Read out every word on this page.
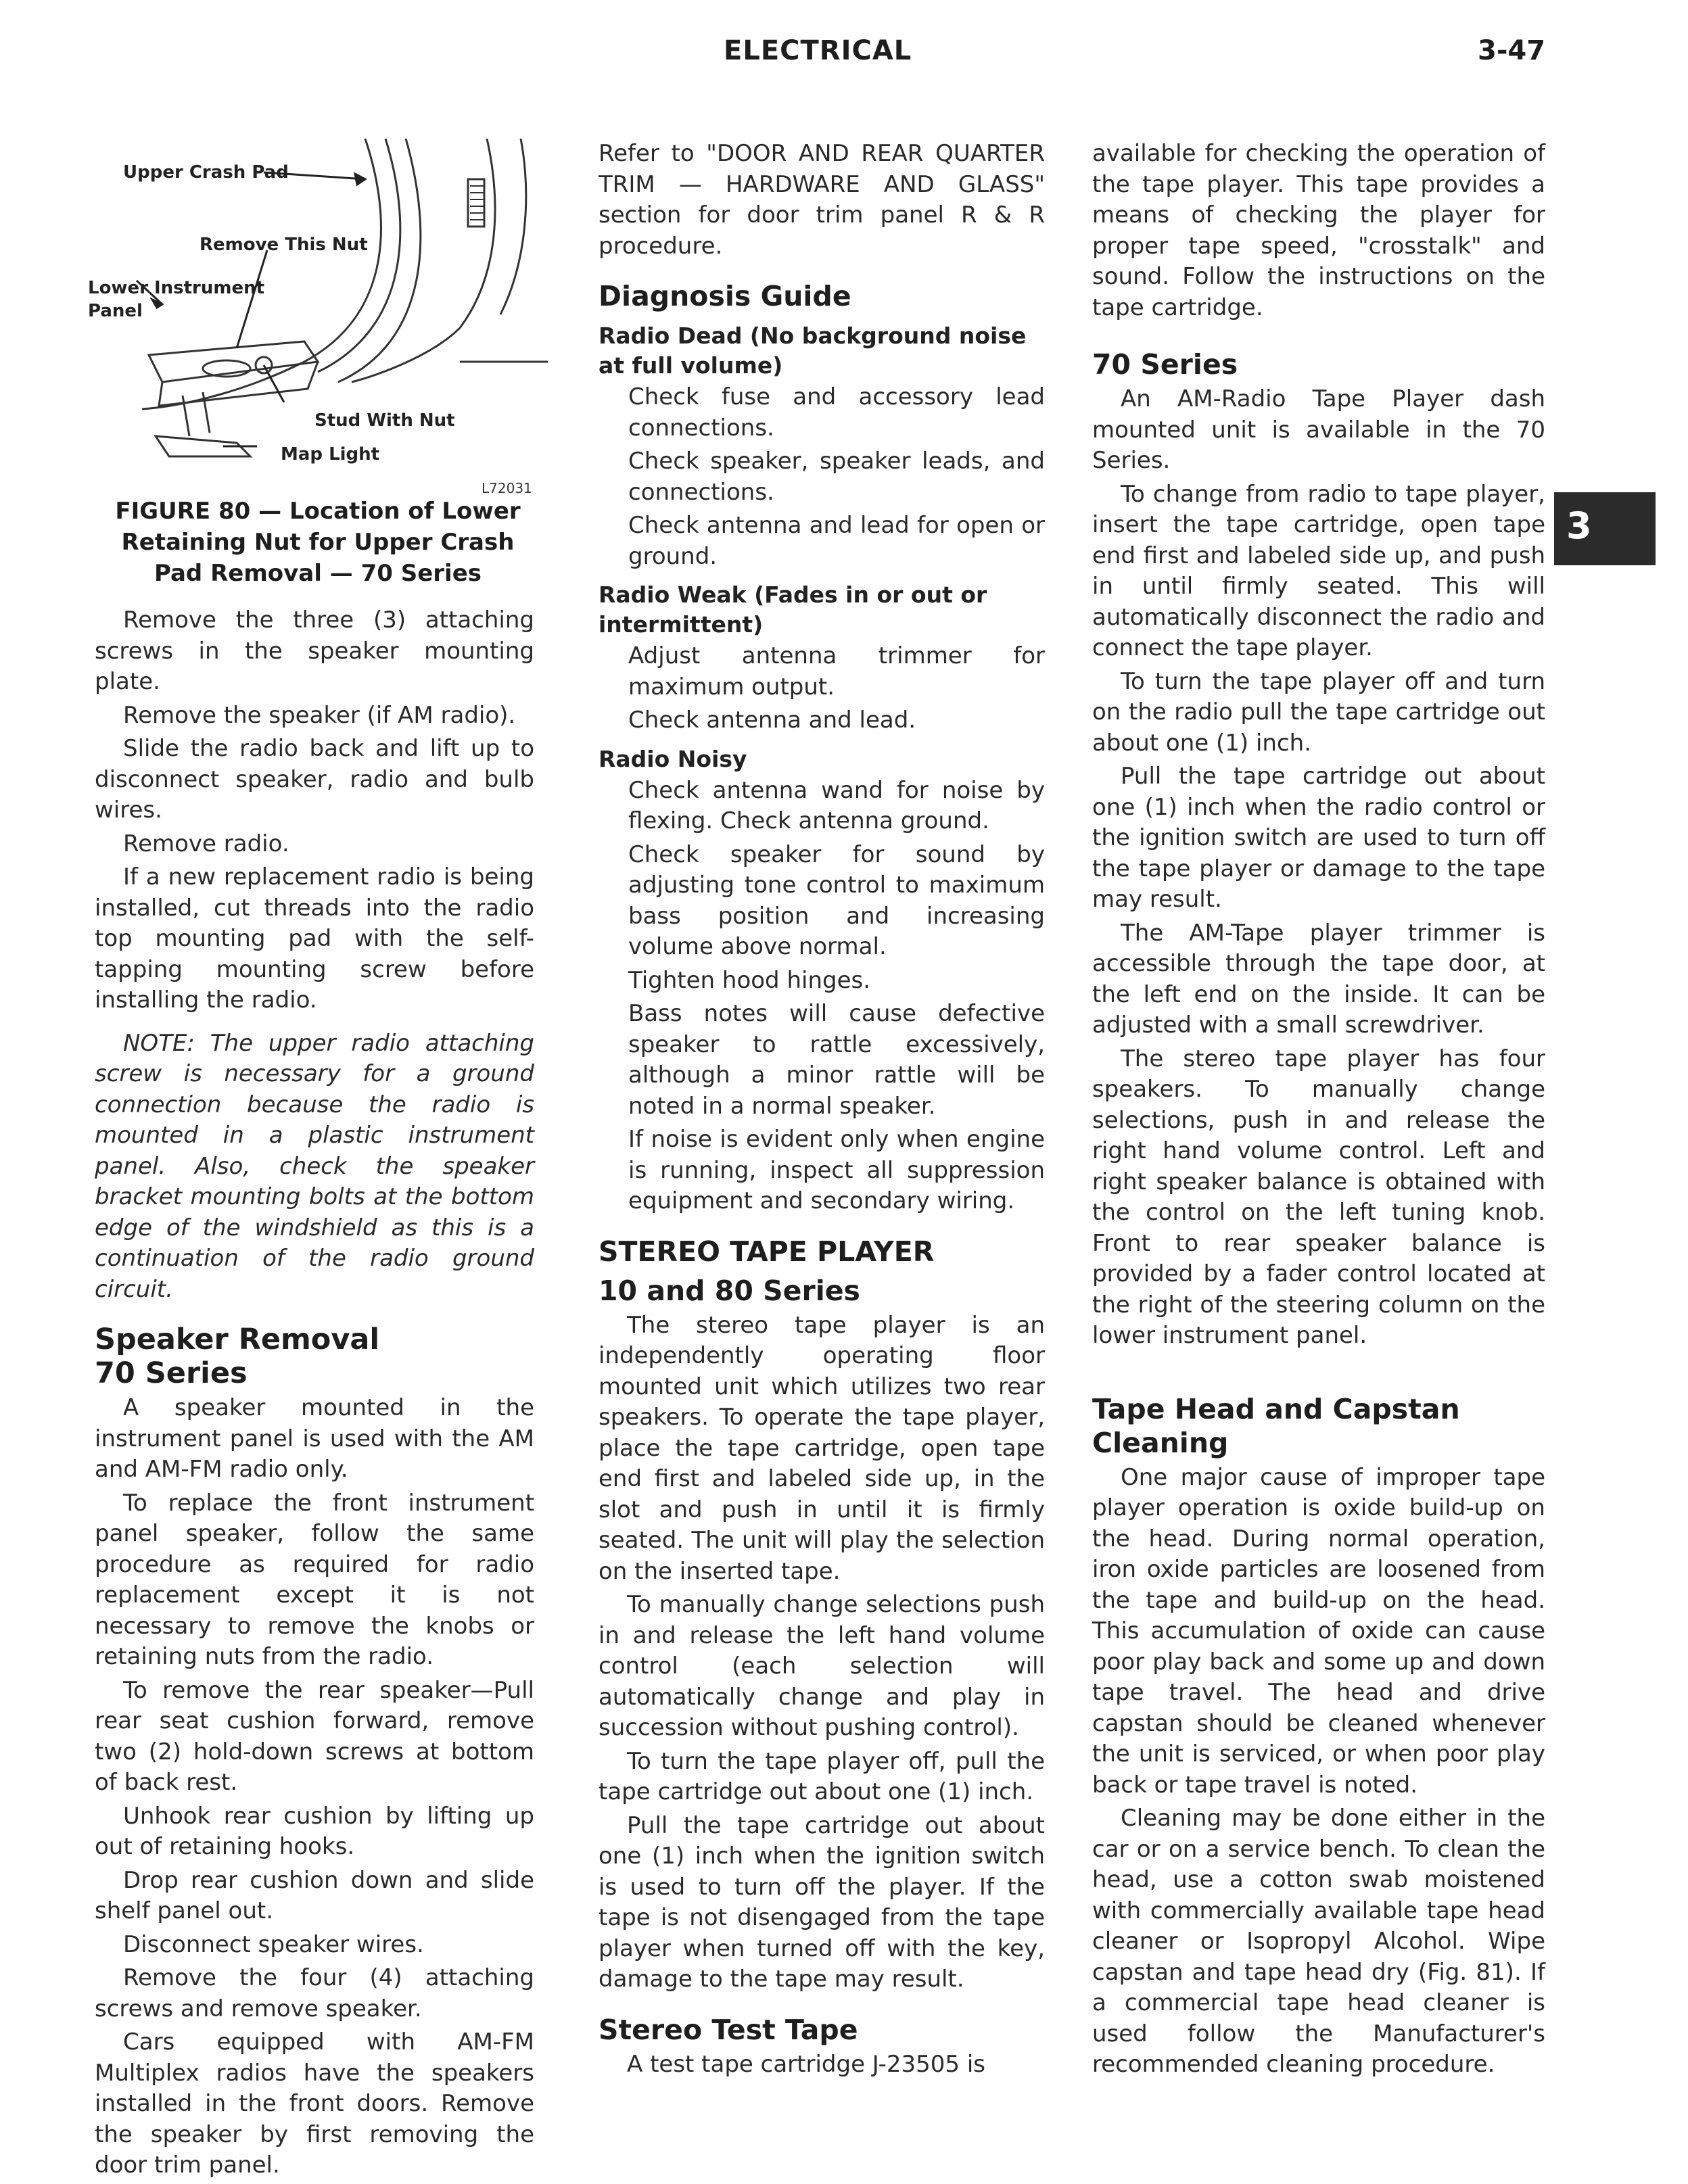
ELECTRICAL	3-47
3
Upper Crash Pad
Remove This Nut
Lower Instrument
Panel
Stud With Nut
Map Light
L72031
FIGURE 80 — Location of Lower Retaining Nut for Upper Crash Pad Removal — 70 Series

Remove the three (3) attaching screws in the speaker mounting plate.

Remove the speaker (if AM radio).

Slide the radio back and lift up to disconnect speaker, radio and bulb wires.

Remove radio.

If a new replacement radio is being installed, cut threads into the radio top mounting pad with the self-tapping mounting screw before installing the radio.

NOTE: The upper radio attaching screw is necessary for a ground connection because the radio is mounted in a plastic instrument panel. Also, check the speaker bracket mounting bolts at the bottom edge of the windshield as this is a continuation of the radio ground circuit.

Speaker Removal
70 Series

A speaker mounted in the instrument panel is used with the AM and AM-FM radio only.

To replace the front instrument panel speaker, follow the same procedure as required for radio replacement except it is not necessary to remove the knobs or retaining nuts from the radio.

To remove the rear speaker—Pull rear seat cushion forward, remove two (2) hold-down screws at bottom of back rest.

Unhook rear cushion by lifting up out of retaining hooks.

Drop rear cushion down and slide shelf panel out.

Disconnect speaker wires.

Remove the four (4) attaching screws and remove speaker.

Cars equipped with AM-FM Multiplex radios have the speakers installed in the front doors. Remove the speaker by first removing the door trim panel.

Refer to "DOOR AND REAR QUARTER TRIM — HARDWARE AND GLASS" section for door trim panel R & R procedure.

Diagnosis Guide
Radio Dead (No background noise at full volume)

Check fuse and accessory lead connections.

Check speaker, speaker leads, and connections.

Check antenna and lead for open or ground.

Radio Weak (Fades in or out or intermittent)

Adjust antenna trimmer for maximum output.

Check antenna and lead.

Radio Noisy

Check antenna wand for noise by flexing. Check antenna ground.

Check speaker for sound by adjusting tone control to maximum bass position and increasing volume above normal.

Tighten hood hinges.

Bass notes will cause defective speaker to rattle excessively, although a minor rattle will be noted in a normal speaker.

If noise is evident only when engine is running, inspect all suppression equipment and secondary wiring.

STEREO TAPE PLAYER
10 and 80 Series

The stereo tape player is an independently operating floor mounted unit which utilizes two rear speakers. To operate the tape player, place the tape cartridge, open tape end first and labeled side up, in the slot and push in until it is firmly seated. The unit will play the selection on the inserted tape.

To manually change selections push in and release the left hand volume control (each selection will automatically change and play in succession without pushing control).

To turn the tape player off, pull the tape cartridge out about one (1) inch.

Pull the tape cartridge out about one (1) inch when the ignition switch is used to turn off the player. If the tape is not disengaged from the tape player when turned off with the key, damage to the tape may result.

Stereo Test Tape

A test tape cartridge J-23505 is

available for checking the operation of the tape player. This tape provides a means of checking the player for proper tape speed, "crosstalk" and sound. Follow the instructions on the tape cartridge.

70 Series

An AM-Radio Tape Player dash mounted unit is available in the 70 Series.

To change from radio to tape player, insert the tape cartridge, open tape end first and labeled side up, and push in until firmly seated. This will automatically disconnect the radio and connect the tape player.

To turn the tape player off and turn on the radio pull the tape cartridge out about one (1) inch.

Pull the tape cartridge out about one (1) inch when the radio control or the ignition switch are used to turn off the tape player or damage to the tape may result.

The AM-Tape player trimmer is accessible through the tape door, at the left end on the inside. It can be adjusted with a small screwdriver.

The stereo tape player has four speakers. To manually change selections, push in and release the right hand volume control. Left and right speaker balance is obtained with the control on the left tuning knob. Front to rear speaker balance is provided by a fader control located at the right of the steering column on the lower instrument panel.

Tape Head and Capstan Cleaning

One major cause of improper tape player operation is oxide build-up on the head. During normal operation, iron oxide particles are loosened from the tape and build-up on the head. This accumulation of oxide can cause poor play back and some up and down tape travel. The head and drive capstan should be cleaned whenever the unit is serviced, or when poor play back or tape travel is noted.

Cleaning may be done either in the car or on a service bench. To clean the head, use a cotton swab moistened with commercially available tape head cleaner or Isopropyl Alcohol. Wipe capstan and tape head dry (Fig. 81). If a commercial tape head cleaner is used follow the Manufacturer's recommended cleaning procedure.
